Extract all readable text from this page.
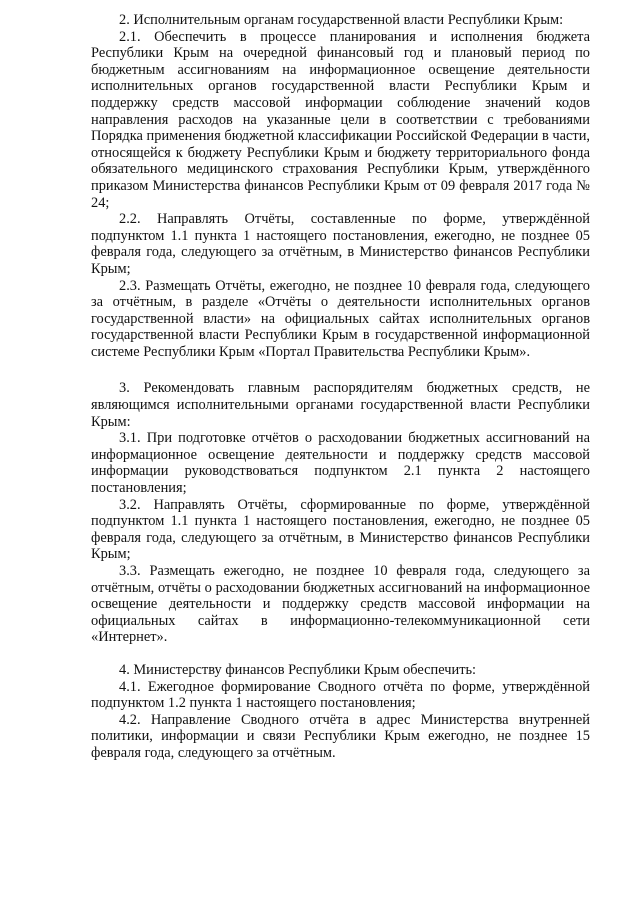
2. Исполнительным органам государственной власти Республики Крым:

2.1. Обеспечить в процессе планирования и исполнения бюджета Республики Крым на очередной финансовый год и плановый период по бюджетным ассигнованиям на информационное освещение деятельности исполнительных органов государственной власти Республики Крым и поддержку средств массовой информации соблюдение значений кодов направления расходов на указанные цели в соответствии с требованиями Порядка применения бюджетной классификации Российской Федерации в части, относящейся к бюджету Республики Крым и бюджету территориального фонда обязательного медицинского страхования Республики Крым, утверждённого приказом Министерства финансов Республики Крым от 09 февраля 2017 года № 24;

2.2. Направлять Отчёты, составленные по форме, утверждённой подпунктом 1.1 пункта 1 настоящего постановления, ежегодно, не позднее 05 февраля года, следующего за отчётным, в Министерство финансов Республики Крым;

2.3. Размещать Отчёты, ежегодно, не позднее 10 февраля года, следующего за отчётным, в разделе «Отчёты о деятельности исполнительных органов государственной власти» на официальных сайтах исполнительных органов государственной власти Республики Крым в государственной информационной системе Республики Крым «Портал Правительства Республики Крым».

3. Рекомендовать главным распорядителям бюджетных средств, не являющимся исполнительными органами государственной власти Республики Крым:

3.1. При подготовке отчётов о расходовании бюджетных ассигнований на информационное освещение деятельности и поддержку средств массовой информации руководствоваться подпунктом 2.1 пункта 2 настоящего постановления;

3.2. Направлять Отчёты, сформированные по форме, утверждённой подпунктом 1.1 пункта 1 настоящего постановления, ежегодно, не позднее 05 февраля года, следующего за отчётным, в Министерство финансов Республики Крым;

3.3. Размещать ежегодно, не позднее 10 февраля года, следующего за отчётным, отчёты о расходовании бюджетных ассигнований на информационное освещение деятельности и поддержку средств массовой информации на официальных сайтах в информационно-телекоммуникационной сети «Интернет».

4. Министерству финансов Республики Крым обеспечить:

4.1. Ежегодное формирование Сводного отчёта по форме, утверждённой подпунктом 1.2 пункта 1 настоящего постановления;

4.2. Направление Сводного отчёта в адрес Министерства внутренней политики, информации и связи Республики Крым ежегодно, не позднее 15 февраля года, следующего за отчётным.
